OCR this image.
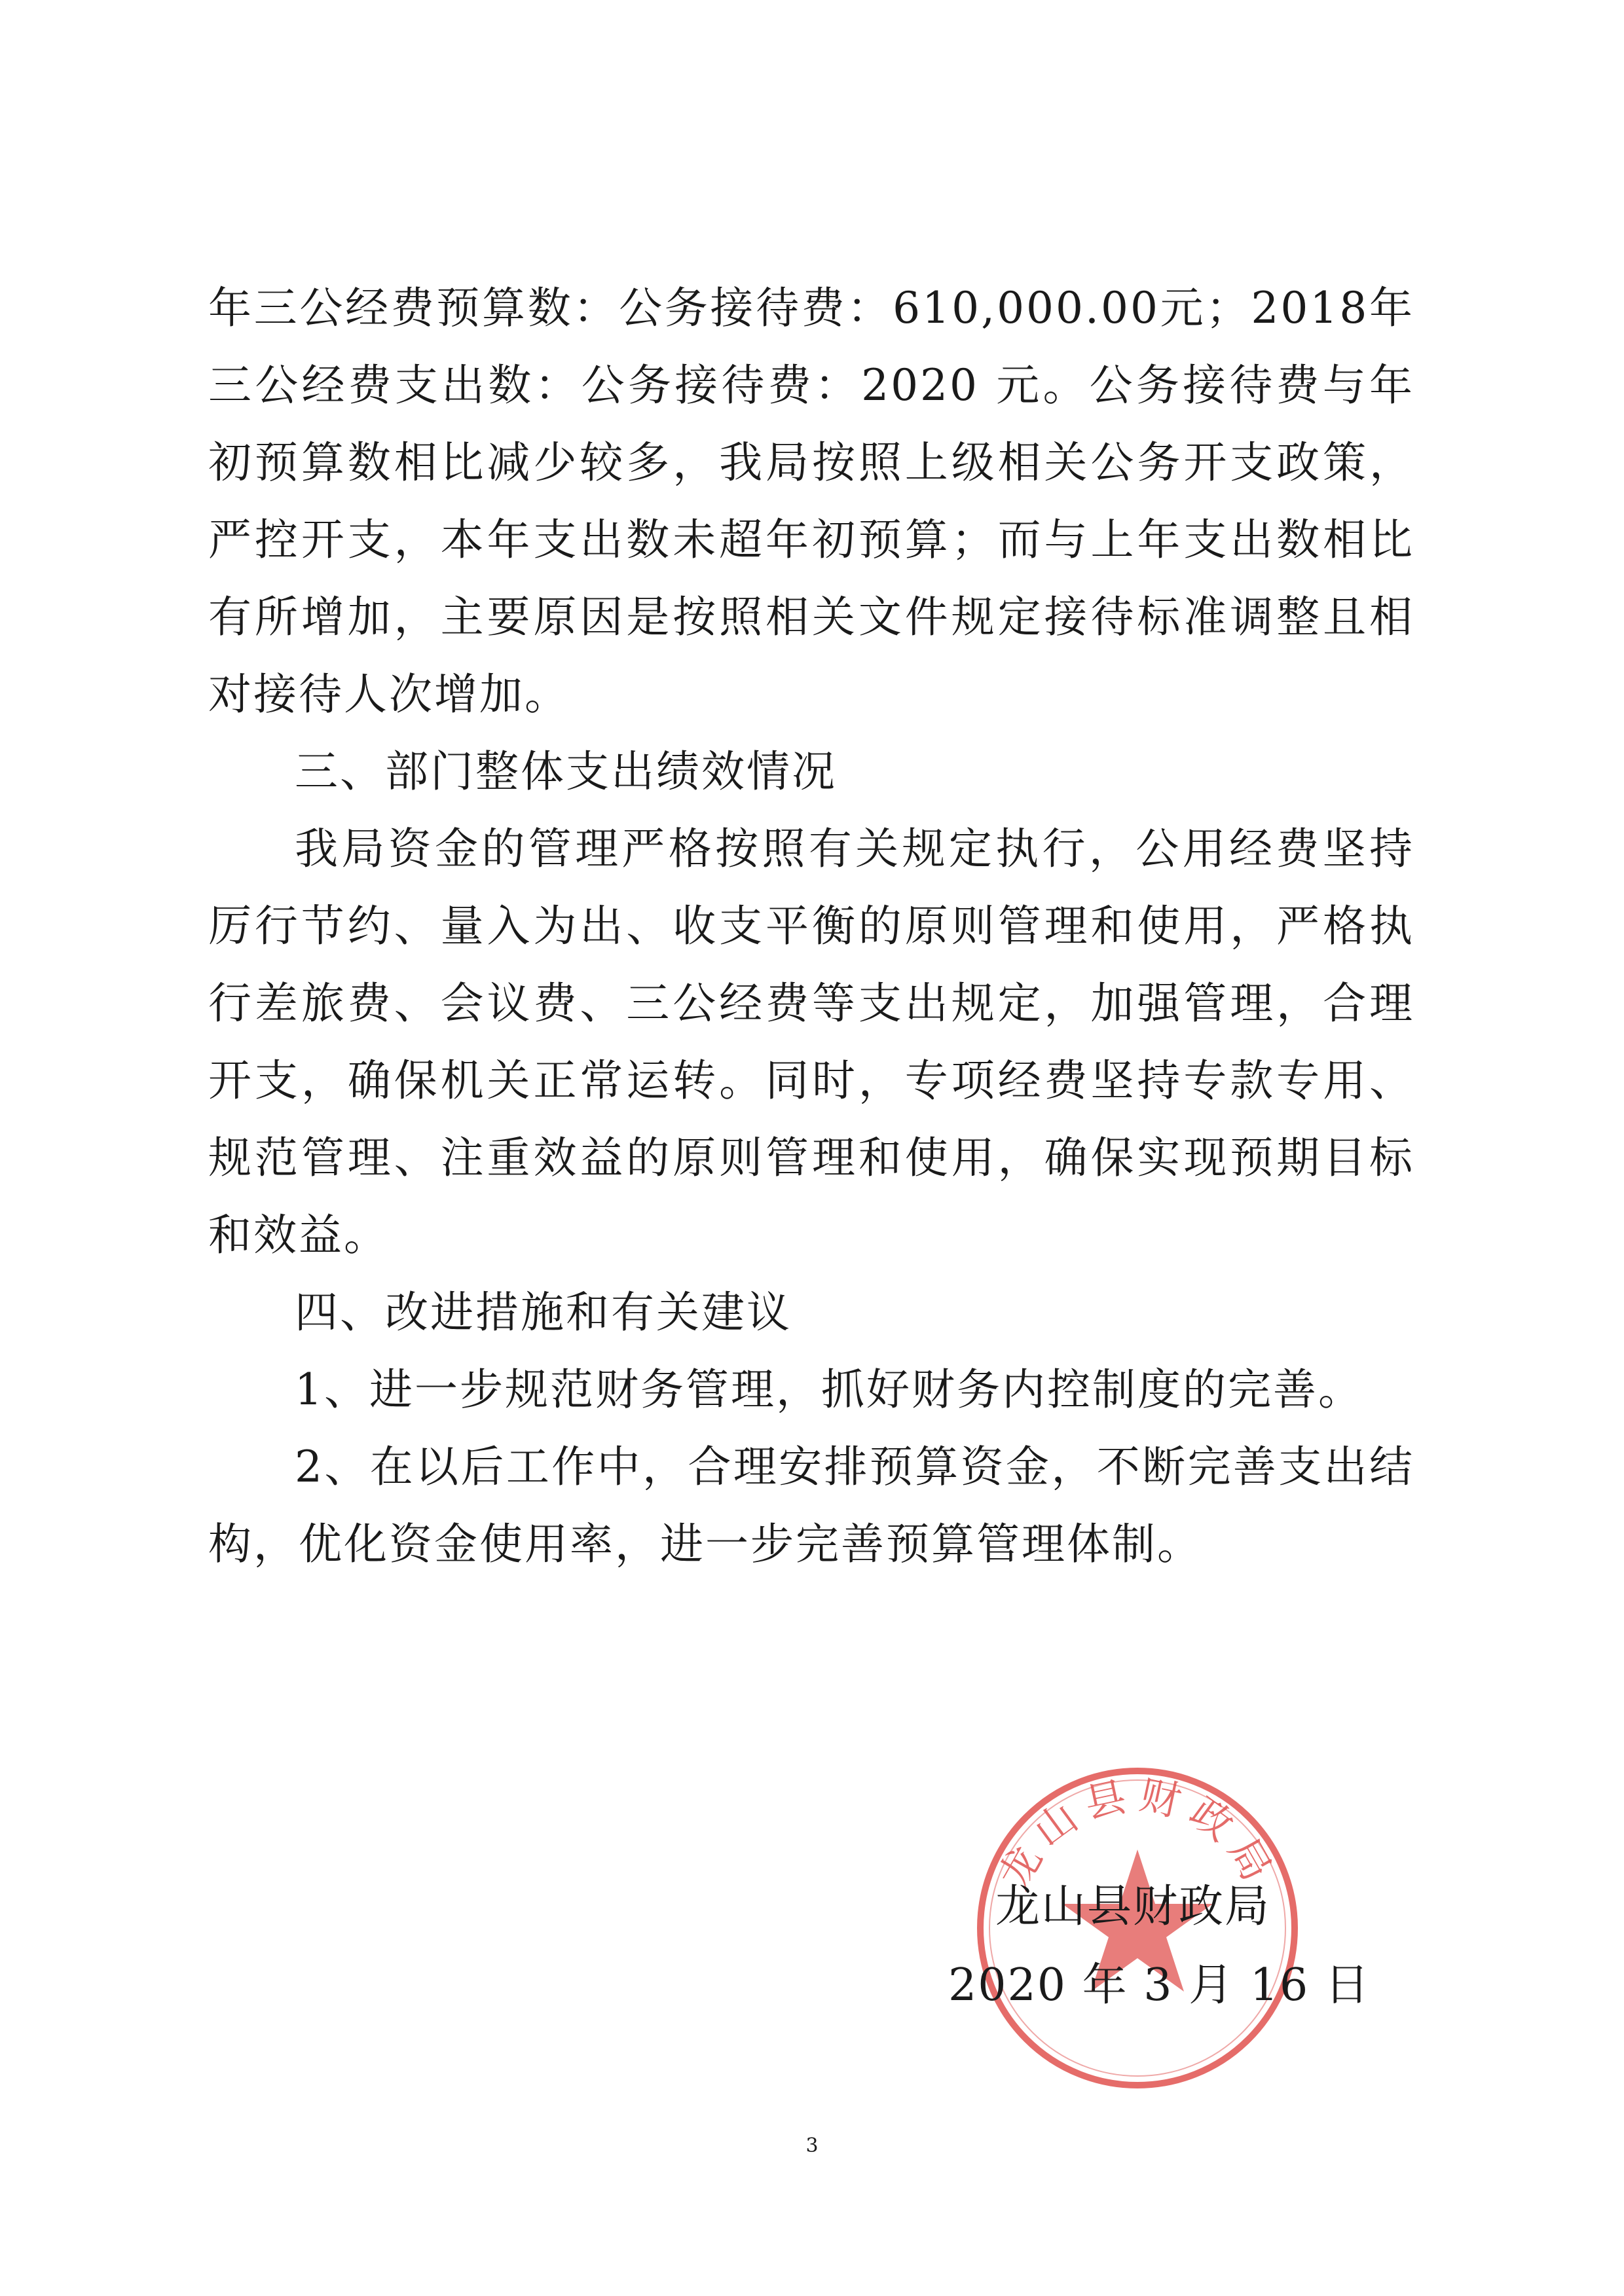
年三公经费预算数：公务接待费：610,000.00元；2018年三公经费支出数：公务接待费：2020 元。公务接待费与年初预算数相比减少较多，我局按照上级相关公务开支政策，严控开支，本年支出数未超年初预算；而与上年支出数相比有所增加，主要原因是按照相关文件规定接待标准调整且相对接待人次增加。

三、部门整体支出绩效情况

我局资金的管理严格按照有关规定执行，公用经费坚持厉行节约、量入为出、收支平衡的原则管理和使用，严格执行差旅费、会议费、三公经费等支出规定，加强管理，合理开支，确保机关正常运转。同时，专项经费坚持专款专用、规范管理、注重效益的原则管理和使用，确保实现预期目标和效益。

四、改进措施和有关建议

1、进一步规范财务管理，抓好财务内控制度的完善。

2、在以后工作中，合理安排预算资金，不断完善支出结构，优化资金使用率，进一步完善预算管理体制。

龙山县财政局
龙山县财政局
2020 年 3 月 16 日
3
